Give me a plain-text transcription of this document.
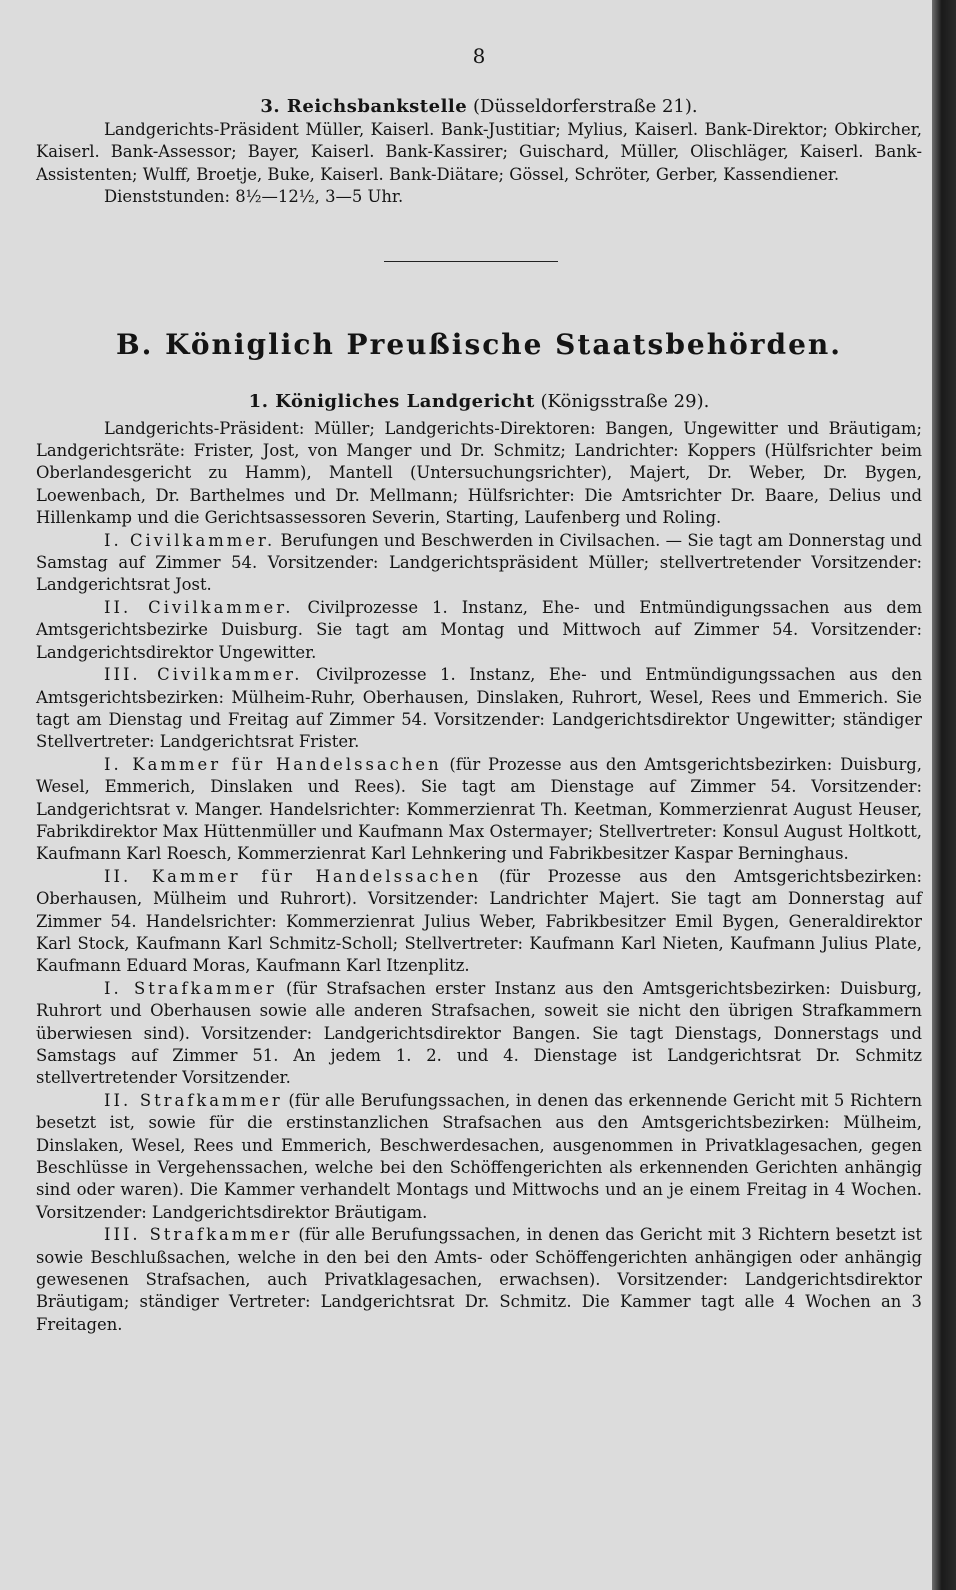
8
3. Reichsbankstelle (Düsseldorferstraße 21).

Landgerichts-Präsident Müller, Kaiserl. Bank-Justitiar; Mylius, Kaiserl. Bank-Direktor; Obkircher, Kaiserl. Bank-Assessor; Bayer, Kaiserl. Bank-Kassirer; Guischard, Müller, Olischläger, Kaiserl. Bank-Assistenten; Wulff, Broetje, Buke, Kaiserl. Bank-Diätare; Gössel, Schröter, Gerber, Kassendiener.

Dienststunden: 8½—12½, 3—5 Uhr.

B. Königlich Preußische Staatsbehörden.
1. Königliches Landgericht (Königsstraße 29).

Landgerichts-Präsident: Müller; Landgerichts-Direktoren: Bangen, Ungewitter und Bräutigam; Landgerichtsräte: Frister, Jost, von Manger und Dr. Schmitz; Landrichter: Koppers (Hülfsrichter beim Oberlandesgericht zu Hamm), Mantell (Untersuchungsrichter), Majert, Dr. Weber, Dr. Bygen, Loewenbach, Dr. Barthelmes und Dr. Mellmann; Hülfsrichter: Die Amtsrichter Dr. Baare, Delius und Hillenkamp und die Gerichtsassessoren Severin, Starting, Laufenberg und Roling.

I. Civilkammer. Berufungen und Beschwerden in Civilsachen. — Sie tagt am Donnerstag und Samstag auf Zimmer 54. Vorsitzender: Landgerichtspräsident Müller; stellvertretender Vorsitzender: Landgerichtsrat Jost.

II. Civilkammer. Civilprozesse 1. Instanz, Ehe- und Entmündigungssachen aus dem Amtsgerichtsbezirke Duisburg. Sie tagt am Montag und Mittwoch auf Zimmer 54. Vorsitzender: Landgerichtsdirektor Ungewitter.

III. Civilkammer. Civilprozesse 1. Instanz, Ehe- und Entmündigungssachen aus den Amtsgerichtsbezirken: Mülheim-Ruhr, Oberhausen, Dinslaken, Ruhrort, Wesel, Rees und Emmerich. Sie tagt am Dienstag und Freitag auf Zimmer 54. Vorsitzender: Landgerichtsdirektor Ungewitter; ständiger Stellvertreter: Landgerichtsrat Frister.

I. Kammer für Handelssachen (für Prozesse aus den Amtsgerichtsbezirken: Duisburg, Wesel, Emmerich, Dinslaken und Rees). Sie tagt am Dienstage auf Zimmer 54. Vorsitzender: Landgerichtsrat v. Manger. Handelsrichter: Kommerzienrat Th. Keetman, Kommerzienrat August Heuser, Fabrikdirektor Max Hüttenmüller und Kaufmann Max Ostermayer; Stellvertreter: Konsul August Holtkott, Kaufmann Karl Roesch, Kommerzienrat Karl Lehnkering und Fabrikbesitzer Kaspar Berninghaus.

II. Kammer für Handelssachen (für Prozesse aus den Amtsgerichtsbezirken: Oberhausen, Mülheim und Ruhrort). Vorsitzender: Landrichter Majert. Sie tagt am Donnerstag auf Zimmer 54. Handelsrichter: Kommerzienrat Julius Weber, Fabrikbesitzer Emil Bygen, Generaldirektor Karl Stock, Kaufmann Karl Schmitz-Scholl; Stellvertreter: Kaufmann Karl Nieten, Kaufmann Julius Plate, Kaufmann Eduard Moras, Kaufmann Karl Itzenplitz.

I. Strafkammer (für Strafsachen erster Instanz aus den Amtsgerichtsbezirken: Duisburg, Ruhrort und Oberhausen sowie alle anderen Strafsachen, soweit sie nicht den übrigen Strafkammern überwiesen sind). Vorsitzender: Landgerichtsdirektor Bangen. Sie tagt Dienstags, Donnerstags und Samstags auf Zimmer 51. An jedem 1. 2. und 4. Dienstage ist Landgerichtsrat Dr. Schmitz stellvertretender Vorsitzender.

II. Strafkammer (für alle Berufungssachen, in denen das erkennende Gericht mit 5 Richtern besetzt ist, sowie für die erstinstanzlichen Strafsachen aus den Amtsgerichtsbezirken: Mülheim, Dinslaken, Wesel, Rees und Emmerich, Beschwerdesachen, ausgenommen in Privatklagesachen, gegen Beschlüsse in Vergehenssachen, welche bei den Schöffengerichten als erkennenden Gerichten anhängig sind oder waren). Die Kammer verhandelt Montags und Mittwochs und an je einem Freitag in 4 Wochen. Vorsitzender: Landgerichtsdirektor Bräutigam.

III. Strafkammer (für alle Berufungssachen, in denen das Gericht mit 3 Richtern besetzt ist sowie Beschlußsachen, welche in den bei den Amts- oder Schöffengerichten anhängigen oder anhängig gewesenen Strafsachen, auch Privatklagesachen, erwachsen). Vorsitzender: Landgerichtsdirektor Bräutigam; ständiger Vertreter: Landgerichtsrat Dr. Schmitz. Die Kammer tagt alle 4 Wochen an 3 Freitagen.
